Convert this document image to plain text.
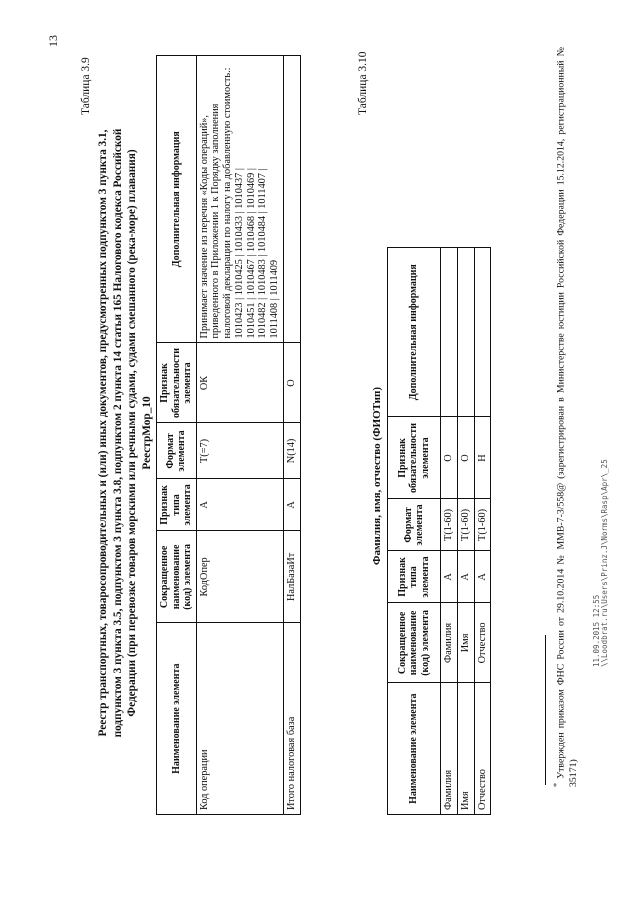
13
Таблица 3.9
Реестр транспортных, товаросопроводительных и (или) иных документов, предусмотренных подпунктом 3 пункта 3.1, подпунктом 3 пункта 3.5, подпунктом 3 пункта 3.8, подпунктом 2 пункта 14 статьи 165 Налогового кодекса Российской Федерации (при перевозке товаров морскими или речными судами, судами смешанного (река-море) плавания) РеестрМор_10
Наименование элемента	Сокращенное наименование (код) элемента	Признак типа элемента	Формат элемента	Признак обязательности элемента	Дополнительная информация
Код операции	КодОпер	А	Т(=7)	ОК	Принимает значение из перечня «Коды операций», приведенного в Приложении 1 к Порядку заполнения налоговой декларации по налогу на добавленную стоимость.: 1010423 | 1010425 | 1010433 | 1010437 | 1010451 | 1010467 | 1010468 | 1010469 | 1010482 | 1010483 | 1010484 | 1011407 | 1011408 | 1011409

Итого налоговая база	НалБазаИт	А	N(14)	О	
Таблица 3.10
Фамилия, имя, отчество (ФИОТип)
Наименование элемента	Сокращенное наименование (код) элемента	Признак типа элемента	Формат элемента	Признак обязательности элемента	Дополнительная информация
Фамилия	Фамилия	А	Т(1-60)	О	
Имя	Имя	А	Т(1-60)	О	
Отчество	Отчество	А	Т(1-60)	Н	
* Утвержден приказом ФНС России от 29.10.2014 № ММВ-7-3/558@ (зарегистрирован в Министерстве юстиции Российской Федерации 15.12.2014, регистрационный № 35171)
11.09.2015 12:55 \\Loodbrat.ru\Users\Prinz.J\Norms\Rasp\Apr\_25
